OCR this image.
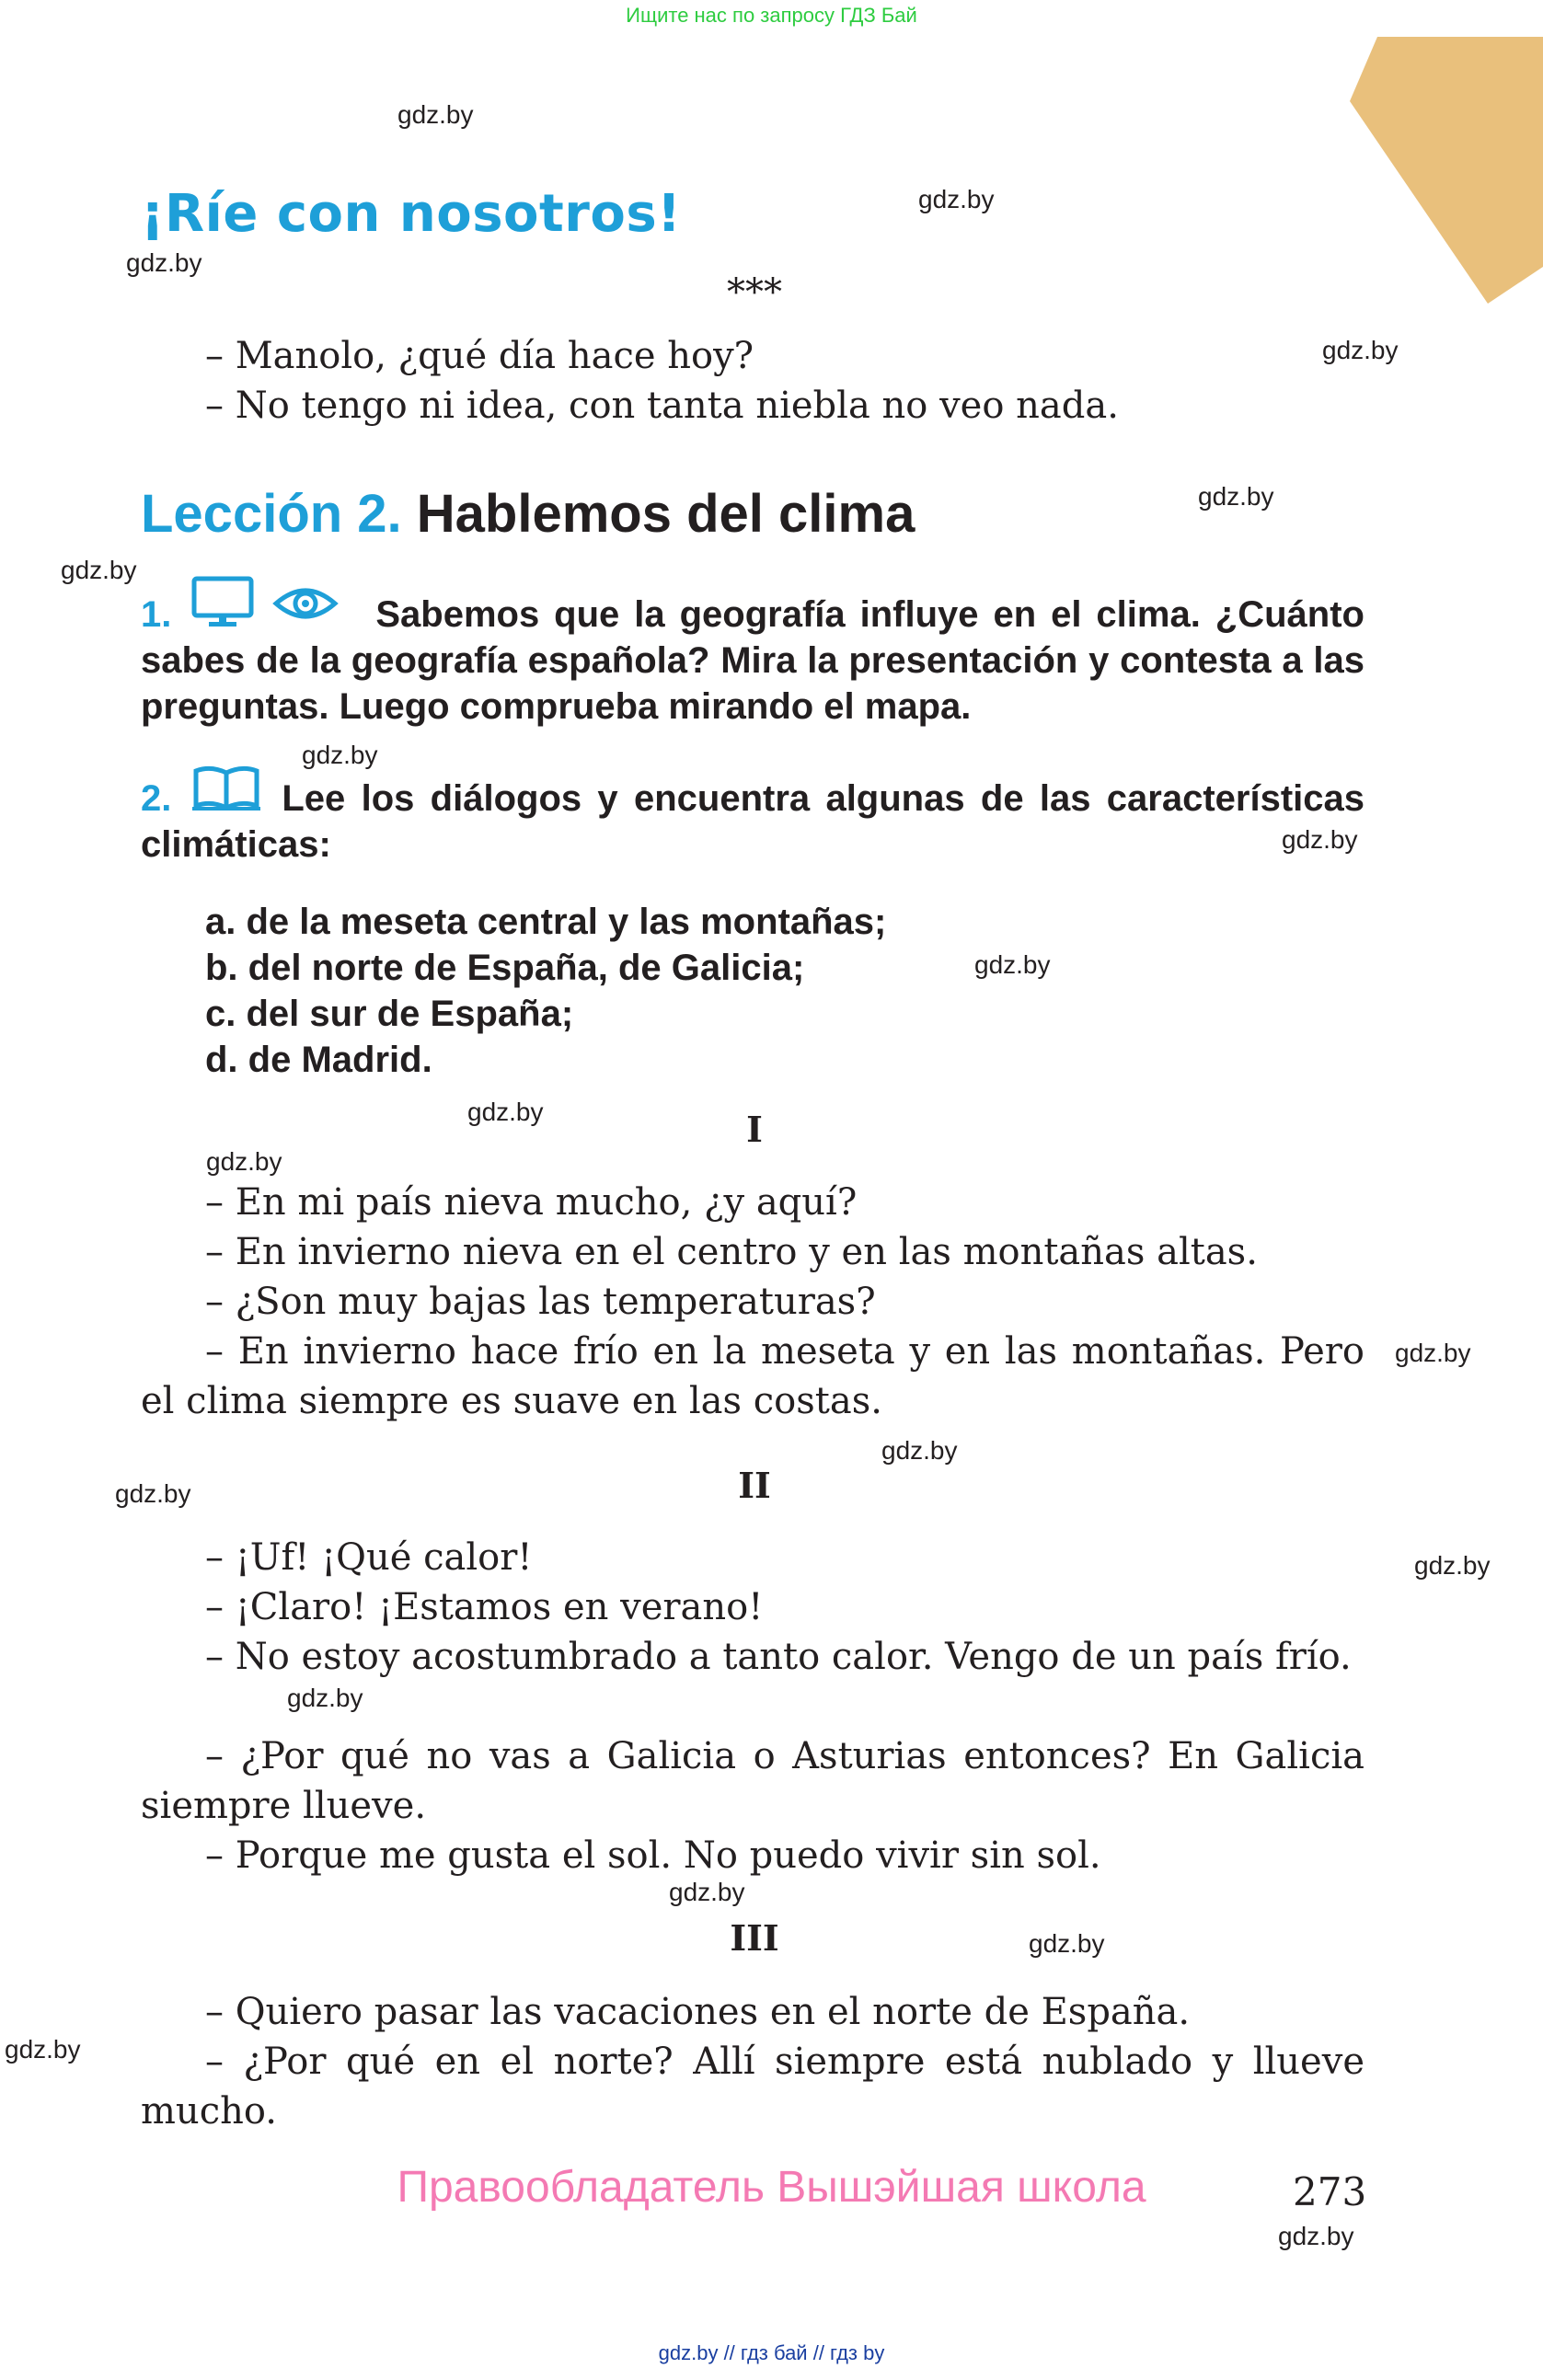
Ищите нас по запросу ГДЗ Бай
¡Ríe con nosotros!
***
– Manolo, ¿qué día hace hoy?
– No tengo ni idea, con tanta niebla no veo nada.
Lección 2. Hablemos del clima
1.	Sabemos que la geografía influye en el clima. ¿Cuánto sabes de la geografía española? Mira la presentación y contesta a las preguntas. Luego comprueba mirando el mapa.
2.	Lee los diálogos y encuentra algunas de las características climáticas:
a. de la meseta central y las montañas;
b. del norte de España, de Galicia;
c. del sur de España;
d. de Madrid.
I
– En mi país nieva mucho, ¿y aquí?
– En invierno nieva en el centro y en las montañas altas.
– ¿Son muy bajas las temperaturas?
– En invierno hace frío en la meseta y en las montañas. Pero el clima siempre es suave en las costas.
II
– ¡Uf! ¡Qué calor!
– ¡Claro! ¡Estamos en verano!
– No estoy acostumbrado a tanto calor. Vengo de un país frío.
– ¿Por qué no vas a Galicia o Asturias entonces? En Galicia siempre llueve.
– Porque me gusta el sol. No puedo vivir sin sol.
III
– Quiero pasar las vacaciones en el norte de España.
– ¿Por qué en el norte? Allí siempre está nublado y llueve mucho.
Правообладатель Вышэйшая школа	273
gdz.by // гдз бай // гдз by
gdz.by
gdz.by
gdz.by
gdz.by
gdz.by
gdz.by
gdz.by
gdz.by
gdz.by
gdz.by
gdz.by
gdz.by
gdz.by
gdz.by
gdz.by
gdz.by
gdz.by
gdz.by
gdz.by
gdz.by
